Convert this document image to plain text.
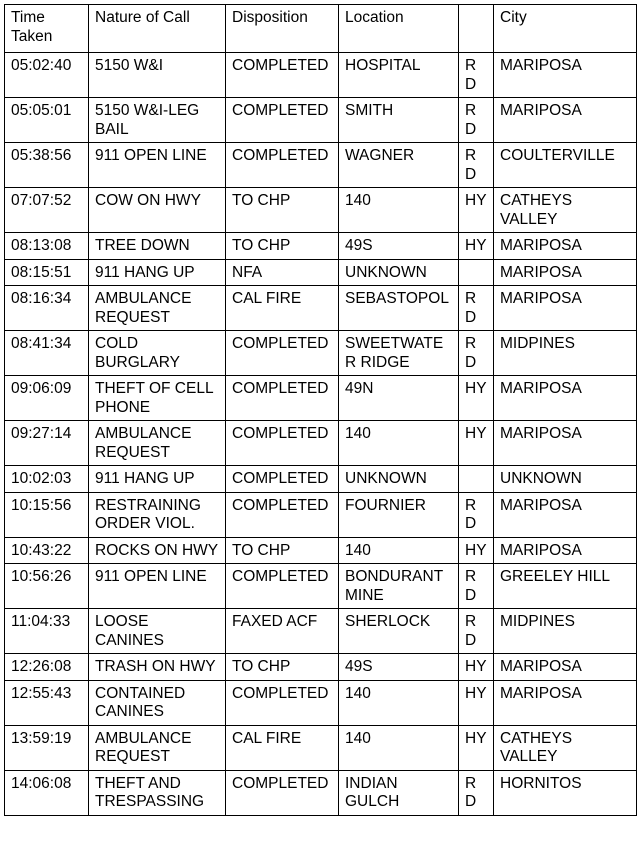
Time Taken	Nature of Call	Disposition	Location		City
05:02:40	5150 W&I	COMPLETED	HOSPITAL	RD	MARIPOSA
05:05:01	5150 W&I-LEG BAIL	COMPLETED	SMITH	RD	MARIPOSA
05:38:56	911 OPEN LINE	COMPLETED	WAGNER	RD	COULTERVILLE
07:07:52	COW ON HWY	TO CHP	140	HY	CATHEYS VALLEY
08:13:08	TREE DOWN	TO CHP	49S	HY	MARIPOSA
08:15:51	911 HANG UP	NFA	UNKNOWN		MARIPOSA
08:16:34	AMBULANCE REQUEST	CAL FIRE	SEBASTOPOL	RD	MARIPOSA
08:41:34	COLD BURGLARY	COMPLETED	SWEETWATER RIDGE	RD	MIDPINES
09:06:09	THEFT OF CELL PHONE	COMPLETED	49N	HY	MARIPOSA
09:27:14	AMBULANCE REQUEST	COMPLETED	140	HY	MARIPOSA
10:02:03	911 HANG UP	COMPLETED	UNKNOWN		UNKNOWN
10:15:56	RESTRAINING ORDER VIOL.	COMPLETED	FOURNIER	RD	MARIPOSA
10:43:22	ROCKS ON HWY	TO CHP	140	HY	MARIPOSA
10:56:26	911 OPEN LINE	COMPLETED	BONDURANT MINE	RD	GREELEY HILL
11:04:33	LOOSE CANINES	FAXED ACF	SHERLOCK	RD	MIDPINES
12:26:08	TRASH ON HWY	TO CHP	49S	HY	MARIPOSA
12:55:43	CONTAINED CANINES	COMPLETED	140	HY	MARIPOSA
13:59:19	AMBULANCE REQUEST	CAL FIRE	140	HY	CATHEYS VALLEY
14:06:08	THEFT AND TRESPASSING	COMPLETED	INDIAN GULCH	RD	HORNITOS
